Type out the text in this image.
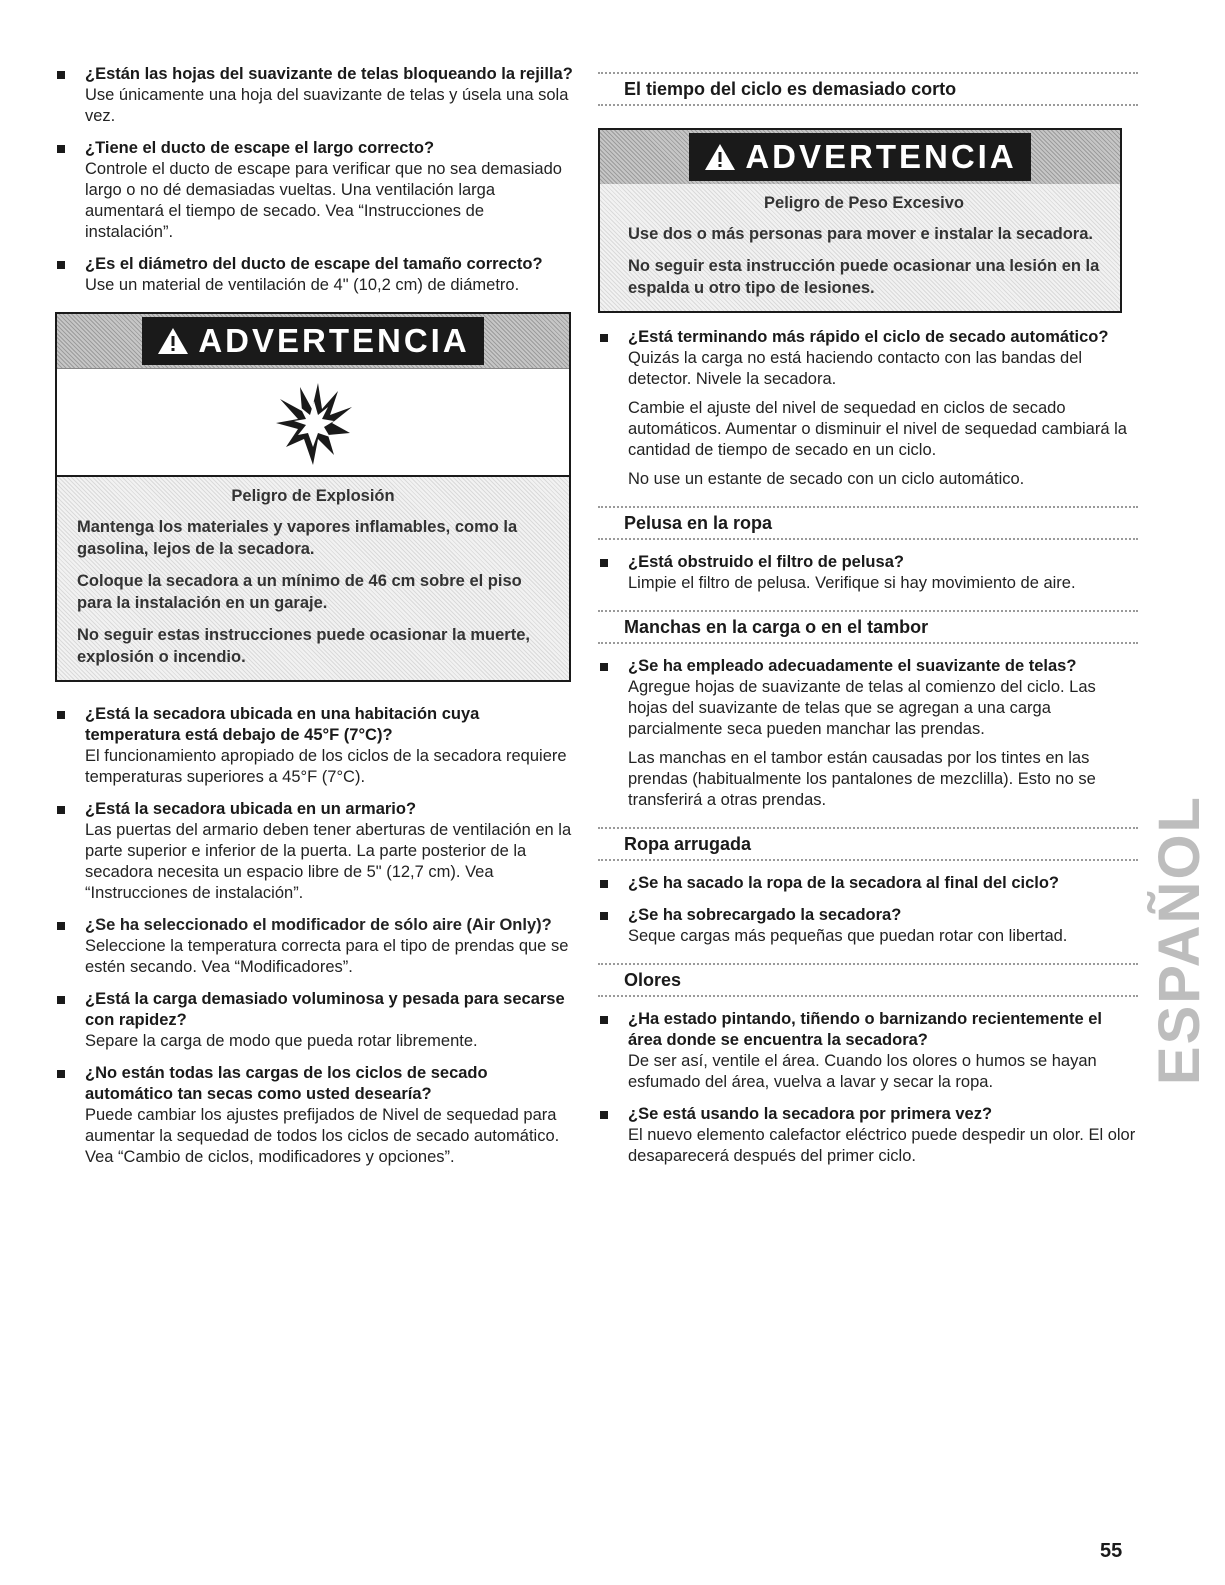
¿Están las hojas del suavizante de telas bloqueando la rejilla?
Use únicamente una hoja del suavizante de telas y úsela una sola vez.
¿Tiene el ducto de escape el largo correcto?
Controle el ducto de escape para verificar que no sea demasiado largo o no dé demasiadas vueltas. Una ventilación larga aumentará el tiempo de secado. Vea “Instrucciones de instalación”.
¿Es el diámetro del ducto de escape del tamaño correcto?
Use un material de ventilación de 4" (10,2 cm) de diámetro.
ADVERTENCIA
Peligro de Explosión
Mantenga los materiales y vapores inflamables, como la gasolina, lejos de la secadora.
Coloque la secadora a un mínimo de 46 cm sobre el piso para la instalación en un garaje.
No seguir estas instrucciones puede ocasionar la muerte, explosión o incendio.
¿Está la secadora ubicada en una habitación cuya temperatura está debajo de 45°F (7°C)?
El funcionamiento apropiado de los ciclos de la secadora requiere temperaturas superiores a 45°F (7°C).
¿Está la secadora ubicada en un armario?
Las puertas del armario deben tener aberturas de ventilación en la parte superior e inferior de la puerta. La parte posterior de la secadora necesita un espacio libre de 5" (12,7 cm). Vea “Instrucciones de instalación”.
¿Se ha seleccionado el modificador de sólo aire (Air Only)? Seleccione la temperatura correcta para el tipo de prendas que se estén secando. Vea “Modificadores”.
¿Está la carga demasiado voluminosa y pesada para secarse con rapidez?
Separe la carga de modo que pueda rotar libremente.
¿No están todas las cargas de los ciclos de secado automático tan secas como usted desearía?
Puede cambiar los ajustes prefijados de Nivel de sequedad para aumentar la sequedad de todos los ciclos de secado automático. Vea “Cambio de ciclos, modificadores y opciones”.
El tiempo del ciclo es demasiado corto
ADVERTENCIA
Peligro de Peso Excesivo
Use dos o más personas para mover e instalar la secadora.
No seguir esta instrucción puede ocasionar una lesión en la espalda u otro tipo de lesiones.
¿Está terminando más rápido el ciclo de secado automático?
Quizás la carga no está haciendo contacto con las bandas del detector. Nivele la secadora.
Cambie el ajuste del nivel de sequedad en ciclos de secado automáticos. Aumentar o disminuir el nivel de sequedad cambiará la cantidad de tiempo de secado en un ciclo.
No use un estante de secado con un ciclo automático.
Pelusa en la ropa
¿Está obstruido el filtro de pelusa?
Limpie el filtro de pelusa. Verifique si hay movimiento de aire.
Manchas en la carga o en el tambor
¿Se ha empleado adecuadamente el suavizante de telas?
Agregue hojas de suavizante de telas al comienzo del ciclo. Las hojas del suavizante de telas que se agregan a una carga parcialmente seca pueden manchar las prendas.
Las manchas en el tambor están causadas por los tintes en las prendas (habitualmente los pantalones de mezclilla). Esto no se transferirá a otras prendas.
Ropa arrugada
¿Se ha sacado la ropa de la secadora al final del ciclo?
¿Se ha sobrecargado la secadora?
Seque cargas más pequeñas que puedan rotar con libertad.
Olores
¿Ha estado pintando, tiñendo o barnizando recientemente el área donde se encuentra la secadora?
De ser así, ventile el área. Cuando los olores o humos se hayan esfumado del área, vuelva a lavar y secar la ropa.
¿Se está usando la secadora por primera vez?
El nuevo elemento calefactor eléctrico puede despedir un olor. El olor desaparecerá después del primer ciclo.
ESPAÑOL
55
